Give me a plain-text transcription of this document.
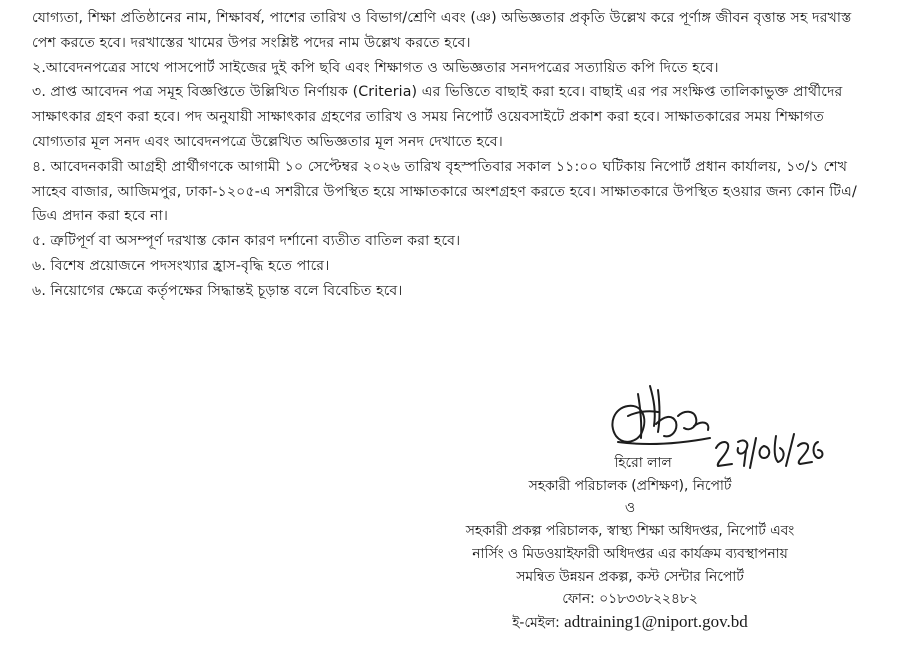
যোগ্যতা, শিক্ষা প্রতিষ্ঠানের নাম, শিক্ষাবর্ষ, পাশের তারিখ ও বিভাগ/শ্রেণি এবং (ঞ) অভিজ্ঞতার প্রকৃতি উল্লেখ করে পূর্ণাঙ্গ জীবন বৃত্তান্ত সহ দরখাস্ত পেশ করতে হবে। দরখাস্তের খামের উপর সংশ্লিষ্ট পদের নাম উল্লেখ করতে হবে।

২.আবেদনপত্রের সাথে পাসপোর্ট সাইজের দুই কপি ছবি এবং শিক্ষাগত ও অভিজ্ঞতার সনদপত্রের সত্যায়িত কপি দিতে হবে।

৩. প্রাপ্ত আবেদন পত্র সমূহ বিজ্ঞপ্তিতে উল্লিখিত নির্ণায়ক (Criteria) এর ভিত্তিতে বাছাই করা হবে। বাছাই এর পর সংক্ষিপ্ত তালিকাভুক্ত প্রার্থীদের সাক্ষাৎকার গ্রহণ করা হবে। পদ অনুযায়ী সাক্ষাৎকার গ্রহণের তারিখ ও সময় নিপোর্ট ওয়েবসাইটে প্রকাশ করা হবে। সাক্ষাতকারের সময় শিক্ষাগত যোগ্যতার মূল সনদ এবং আবেদনপত্রে উল্লেখিত অভিজ্ঞতার মূল সনদ দেখাতে হবে।

৪. আবেদনকারী আগ্রহী প্রার্থীগণকে আগামী ১০ সেপ্টেম্বর ২০২৬ তারিখ বৃহস্পতিবার সকাল ১১:০০ ঘটিকায় নিপোর্ট প্রধান কার্যালয়, ১৩/১ শেখ সাহেব বাজার, আজিমপুর, ঢাকা-১২০৫-এ সশরীরে উপস্থিত হয়ে সাক্ষাতকারে অংশগ্রহণ করতে হবে। সাক্ষাতকারে উপস্থিত হওয়ার জন্য কোন টিএ/ডিএ প্রদান করা হবে না।

৫. ত্রুটিপূর্ণ বা অসম্পূর্ণ দরখাস্ত কোন কারণ দর্শানো ব্যতীত বাতিল করা হবে।

৬. বিশেষ প্রয়োজনে পদসংখ্যার হ্রাস-বৃদ্ধি হতে পারে।

৬. নিয়োগের ক্ষেত্রে কর্তৃপক্ষের সিদ্ধান্তই চূড়ান্ত বলে বিবেচিত হবে।

হিরো লাল
সহকারী পরিচালক (প্রশিক্ষণ), নিপোর্ট
ও
সহকারী প্রকল্প পরিচালক, স্বাস্থ্য শিক্ষা অধিদপ্তর, নিপোর্ট এবং
নার্সিং ও মিডওয়াইফারী অধিদপ্তর এর কার্যক্রম ব্যবস্থাপনায়
সমন্বিত উন্নয়ন প্রকল্প, কস্ট সেন্টার নিপোর্ট
ফোন: ০১৮৩৩৮২২৪৮২
ই-মেইল: adtraining1@niport.gov.bd
